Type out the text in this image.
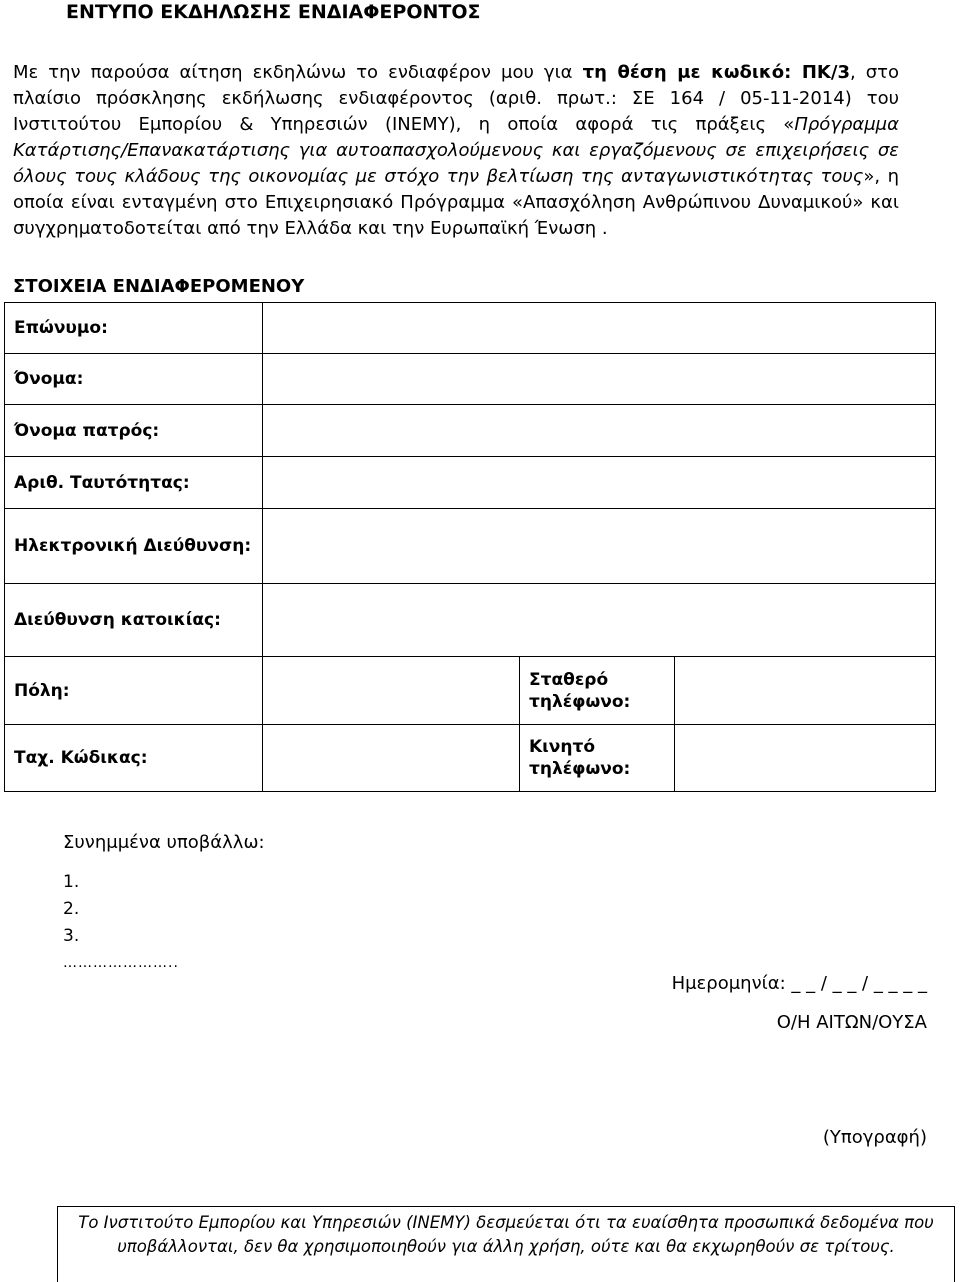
ΕΝΤΥΠΟ ΕΚΔΗΛΩΣΗΣ ΕΝΔΙΑΦΕΡΟΝΤΟΣ
Με την παρούσα αίτηση εκδηλώνω το ενδιαφέρον μου για τη θέση με κωδικό: ΠΚ/3, στο πλαίσιο πρόσκλησης εκδήλωσης ενδιαφέροντος (αριθ. πρωτ.: ΣΕ 164 / 05-11-2014) του Ινστιτούτου Εμπορίου & Υπηρεσιών (ΙΝΕΜΥ), η οποία αφορά τις πράξεις «Πρόγραμμα Κατάρτισης/Επανακατάρτισης για αυτοαπασχολούμενους και εργαζόμενους σε επιχειρήσεις σε όλους τους κλάδους της οικονομίας με στόχο την βελτίωση της ανταγωνιστικότητας τους», η οποία είναι ενταγμένη στο Επιχειρησιακό Πρόγραμμα «Απασχόληση Ανθρώπινου Δυναμικού» και συγχρηματοδοτείται από την Ελλάδα και την Ευρωπαϊκή Ένωση .
ΣΤΟΙΧΕΙΑ ΕΝΔΙΑΦΕΡΟΜΕΝΟΥ
Επώνυμο:			
Όνομα:			
Όνομα πατρός:			
Αριθ. Ταυτότητας:			
Ηλεκτρονική Διεύθυνση:			
Διεύθυνση κατοικίας:			
Πόλη:		Σταθερό τηλέφωνο:	
Ταχ. Κώδικας:		Κινητό τηλέφωνο:	
Συνημμένα υποβάλλω:
1.
2.
3.
…………………..
Ημερομηνία: _ _ / _ _ / _ _ _ _
Ο/Η ΑΙΤΩΝ/ΟΥΣΑ
(Υπογραφή)
Το Ινστιτούτο Εμπορίου και Υπηρεσιών (ΙΝΕΜΥ) δεσμεύεται ότι τα ευαίσθητα προσωπικά δεδομένα που υποβάλλονται, δεν θα χρησιμοποιηθούν για άλλη χρήση, ούτε και θα εκχωρηθούν σε τρίτους.
